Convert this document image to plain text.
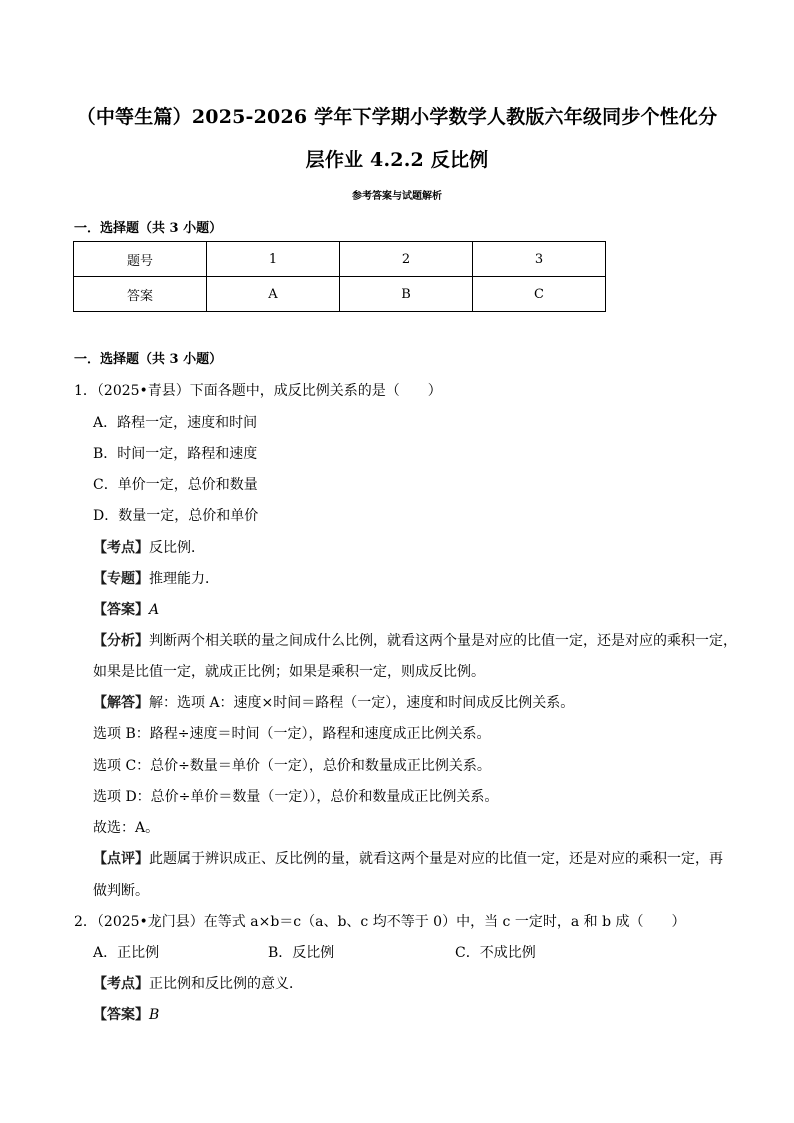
（中等生篇）2025-2026 学年下学期小学数学人教版六年级同步个性化分
层作业 4.2.2 反比例
参考答案与试题解析
一．选择题（共 3 小题）
题号	1	2	3
答案	A	B	C
一．选择题（共 3 小题）
1．（2025•青县）下面各题中，成反比例关系的是（　　）
A．路程一定，速度和时间
B．时间一定，路程和速度
C．单价一定，总价和数量
D．数量一定，总价和单价
【考点】反比例．
【专题】推理能力．
【答案】A
【分析】判断两个相关联的量之间成什么比例，就看这两个量是对应的比值一定，还是对应的乘积一定，
如果是比值一定，就成正比例；如果是乘积一定，则成反比例。
【解答】解：选项 A：速度×时间＝路程（一定），速度和时间成反比例关系。
选项 B：路程÷速度＝时间（一定），路程和速度成正比例关系。
选项 C：总价÷数量＝单价（一定），总价和数量成正比例关系。
选项 D：总价÷单价＝数量（一定）），总价和数量成正比例关系。
故选：A。
【点评】此题属于辨识成正、反比例的量，就看这两个量是对应的比值一定，还是对应的乘积一定，再
做判断。
2．（2025•龙门县）在等式 a×b＝c（a、b、c 均不等于 0）中，当 c 一定时，a 和 b 成（　　）
A．正比例	B．反比例	C．不成比例
【考点】正比例和反比例的意义．
【答案】B
